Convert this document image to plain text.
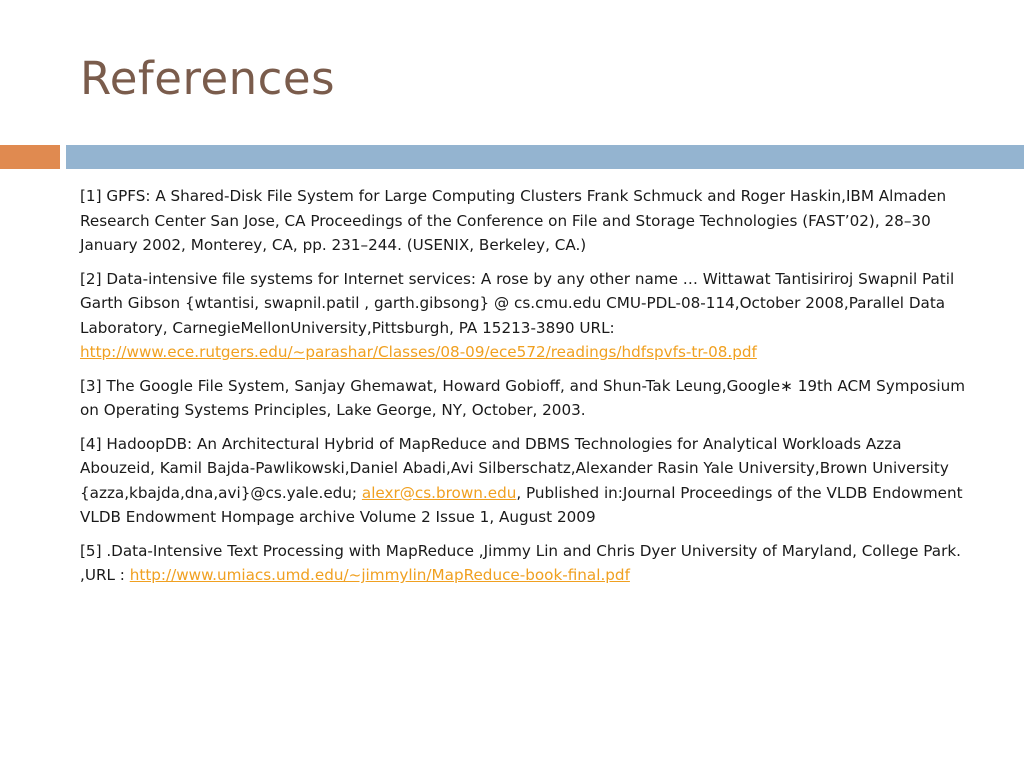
References

[1] GPFS: A Shared-Disk File System for Large Computing Clusters Frank Schmuck and Roger Haskin,IBM Almaden Research Center San Jose, CA Proceedings of the Conference on File and Storage Technologies (FAST’02), 28–30 January 2002, Monterey, CA, pp. 231–244. (USENIX, Berkeley, CA.)

[2] Data-intensive file systems for Internet services: A rose by any other name … Wittawat Tantisiriroj Swapnil Patil Garth Gibson {wtantisi, swapnil.patil , garth.gibsong} @ cs.cmu.edu CMU-PDL-08-114,October 2008,Parallel Data Laboratory, CarnegieMellonUniversity,Pittsburgh, PA 15213-3890 URL: http://www.ece.rutgers.edu/~parashar/Classes/08-09/ece572/readings/hdfspvfs-tr-08.pdf

[3] The Google File System, Sanjay Ghemawat, Howard Gobioff, and Shun-Tak Leung,Google∗ 19th ACM Symposium on Operating Systems Principles, Lake George, NY, October, 2003.

[4] HadoopDB: An Architectural Hybrid of MapReduce and DBMS Technologies for Analytical Workloads Azza Abouzeid, Kamil Bajda-Pawlikowski,Daniel Abadi,Avi Silberschatz,Alexander Rasin Yale University,Brown University {azza,kbajda,dna,avi}@cs.yale.edu; alexr@cs.brown.edu, Published in:Journal Proceedings of the VLDB Endowment VLDB Endowment Hompage archive Volume 2 Issue 1, August 2009

[5] .Data-Intensive Text Processing with MapReduce ,Jimmy Lin and Chris Dyer University of Maryland, College Park. ,URL : http://www.umiacs.umd.edu/~jimmylin/MapReduce-book-final.pdf
